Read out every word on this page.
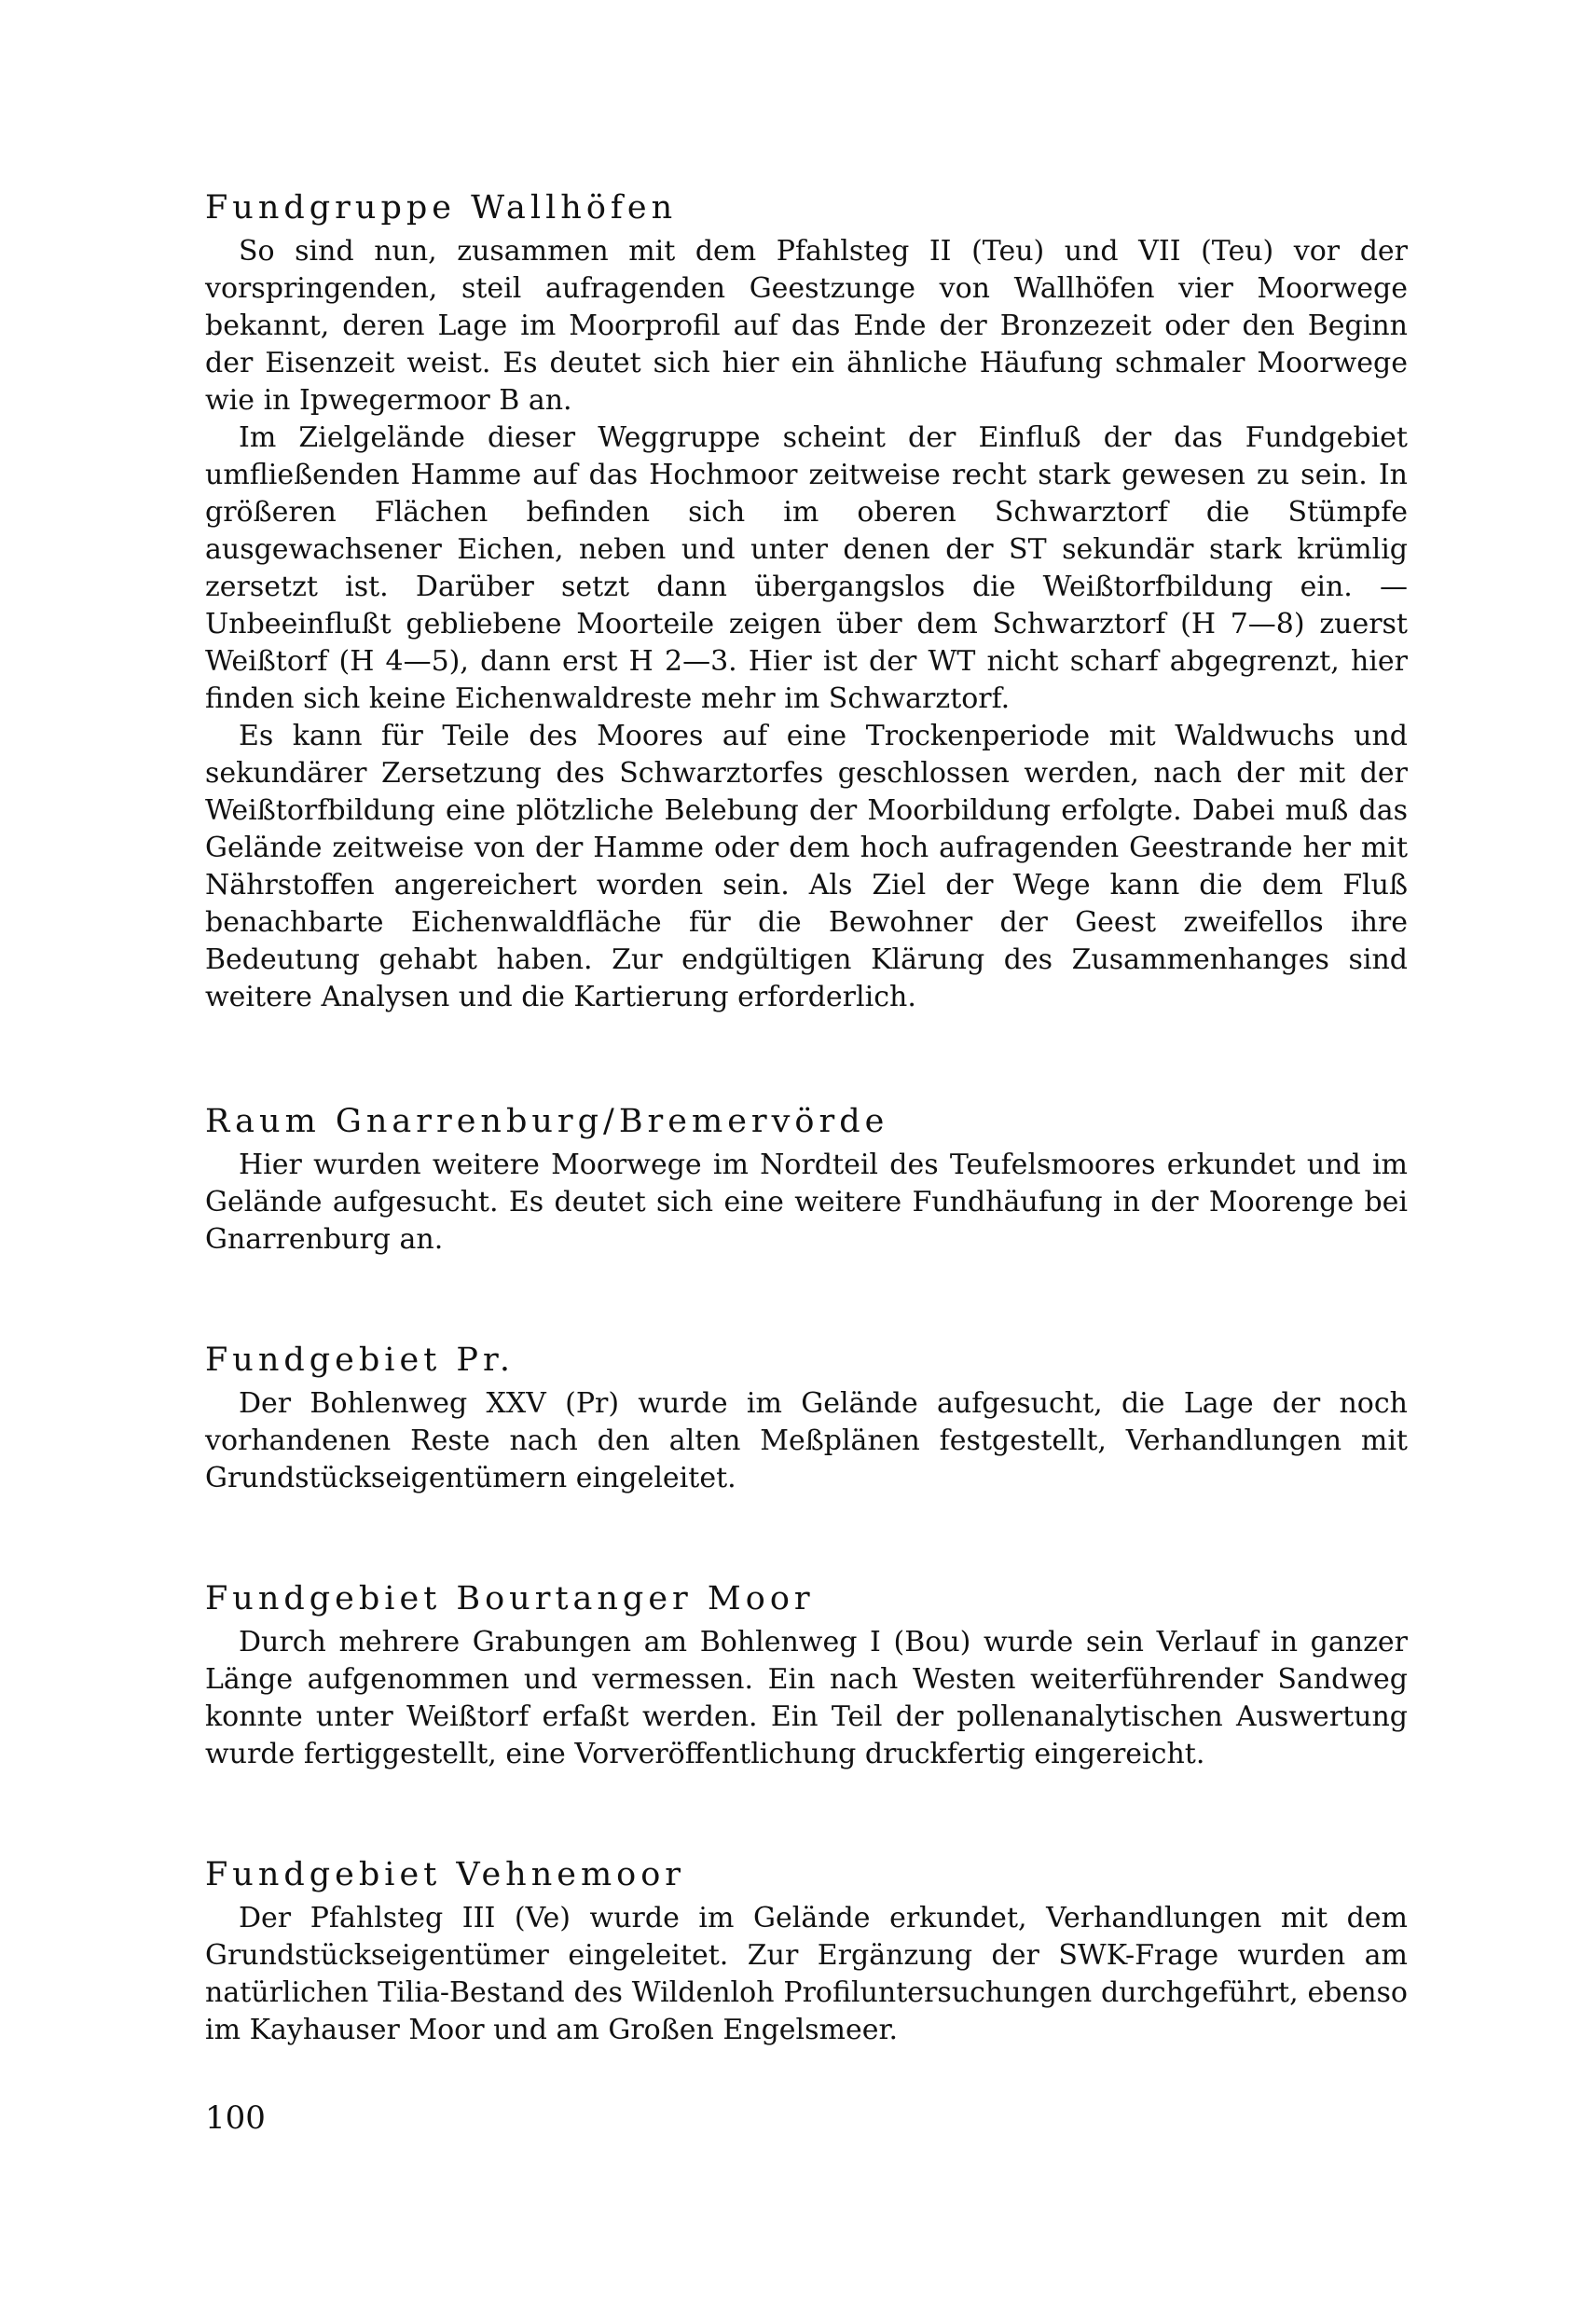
Fundgruppe Wallhöfen

So sind nun, zusammen mit dem Pfahlsteg II (Teu) und VII (Teu) vor der vorspringenden, steil aufragenden Geestzunge von Wallhöfen vier Moorwege bekannt, deren Lage im Moorprofil auf das Ende der Bronzezeit oder den Beginn der Eisenzeit weist. Es deutet sich hier ein ähnliche Häufung schmaler Moorwege wie in Ipwegermoor B an.

Im Zielgelände dieser Weggruppe scheint der Einfluß der das Fundgebiet umfließenden Hamme auf das Hochmoor zeitweise recht stark gewesen zu sein. In größeren Flächen befinden sich im oberen Schwarztorf die Stümpfe ausgewachsener Eichen, neben und unter denen der ST sekundär stark krümlig zersetzt ist. Darüber setzt dann übergangslos die Weißtorfbildung ein. — Unbeeinflußt gebliebene Moorteile zeigen über dem Schwarztorf (H 7—8) zuerst Weißtorf (H 4—5), dann erst H 2—3. Hier ist der WT nicht scharf abgegrenzt, hier finden sich keine Eichenwaldreste mehr im Schwarztorf.

Es kann für Teile des Moores auf eine Trockenperiode mit Waldwuchs und sekundärer Zersetzung des Schwarztorfes geschlossen werden, nach der mit der Weißtorfbildung eine plötzliche Belebung der Moorbildung erfolgte. Dabei muß das Gelände zeitweise von der Hamme oder dem hoch aufragenden Geestrande her mit Nährstoffen angereichert worden sein. Als Ziel der Wege kann die dem Fluß benachbarte Eichenwaldfläche für die Bewohner der Geest zweifellos ihre Bedeutung gehabt haben. Zur endgültigen Klärung des Zusammenhanges sind weitere Analysen und die Kartierung erforderlich.

Raum Gnarrenburg/Bremervörde

Hier wurden weitere Moorwege im Nordteil des Teufelsmoores erkundet und im Gelände aufgesucht. Es deutet sich eine weitere Fundhäufung in der Moorenge bei Gnarrenburg an.

Fundgebiet Pr.

Der Bohlenweg XXV (Pr) wurde im Gelände aufgesucht, die Lage der noch vorhandenen Reste nach den alten Meßplänen festgestellt, Verhandlungen mit Grundstückseigentümern eingeleitet.

Fundgebiet Bourtanger Moor

Durch mehrere Grabungen am Bohlenweg I (Bou) wurde sein Verlauf in ganzer Länge aufgenommen und vermessen. Ein nach Westen weiterführender Sandweg konnte unter Weißtorf erfaßt werden. Ein Teil der pollenanalytischen Auswertung wurde fertiggestellt, eine Vorveröffentlichung druckfertig eingereicht.

Fundgebiet Vehnemoor

Der Pfahlsteg III (Ve) wurde im Gelände erkundet, Verhandlungen mit dem Grundstückseigentümer eingeleitet. Zur Ergänzung der SWK-Frage wurden am natürlichen Tilia-Bestand des Wildenloh Profiluntersuchungen durchgeführt, ebenso im Kayhauser Moor und am Großen Engelsmeer.

100
